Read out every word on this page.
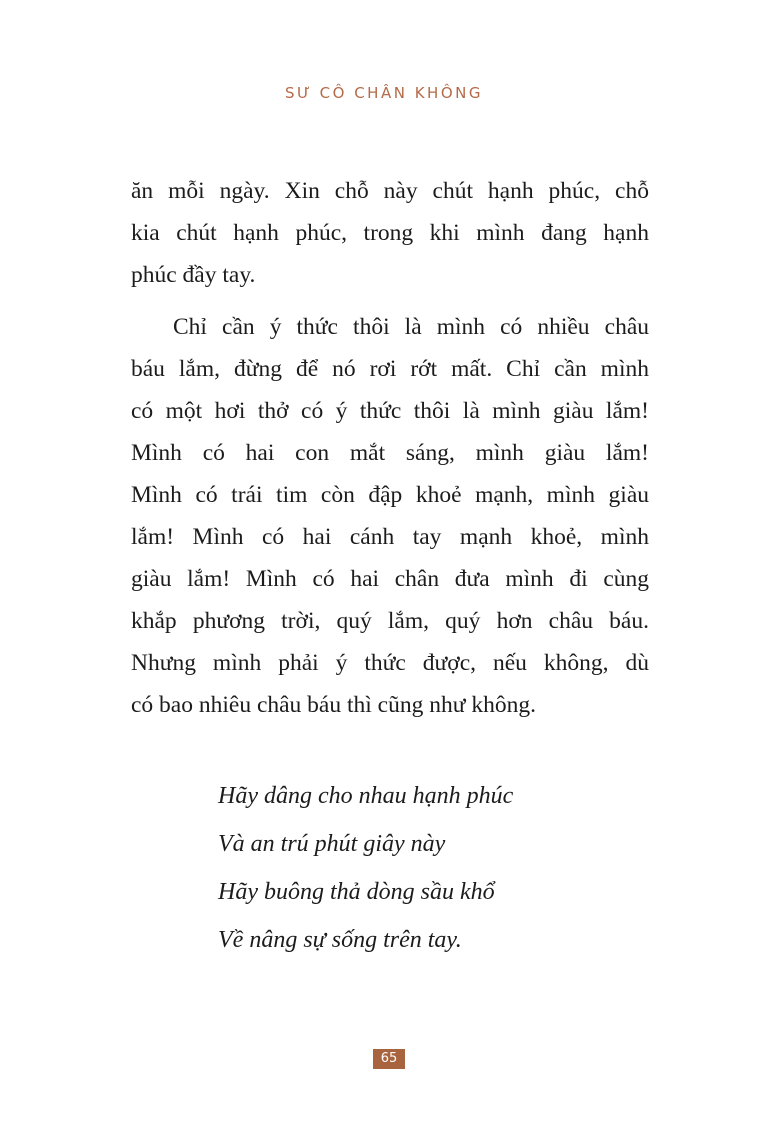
SƯ CÔ CHÂN KHÔNG

ăn mỗi ngày. Xin chỗ này chút hạnh phúc, chỗ
kia chút hạnh phúc, trong khi mình đang hạnh
phúc đầy tay.

Chỉ cần ý thức thôi là mình có nhiều châu
báu lắm, đừng để nó rơi rớt mất. Chỉ cần mình
có một hơi thở có ý thức thôi là mình giàu lắm!
Mình có hai con mắt sáng, mình giàu lắm!
Mình có trái tim còn đập khoẻ mạnh, mình giàu
lắm! Mình có hai cánh tay mạnh khoẻ, mình
giàu lắm! Mình có hai chân đưa mình đi cùng
khắp phương trời, quý lắm, quý hơn châu báu.
Nhưng mình phải ý thức được, nếu không, dù
có bao nhiêu châu báu thì cũng như không.

Hãy dâng cho nhau hạnh phúc
Và an trú phút giây này
Hãy buông thả dòng sầu khổ
Về nâng sự sống trên tay.
65
